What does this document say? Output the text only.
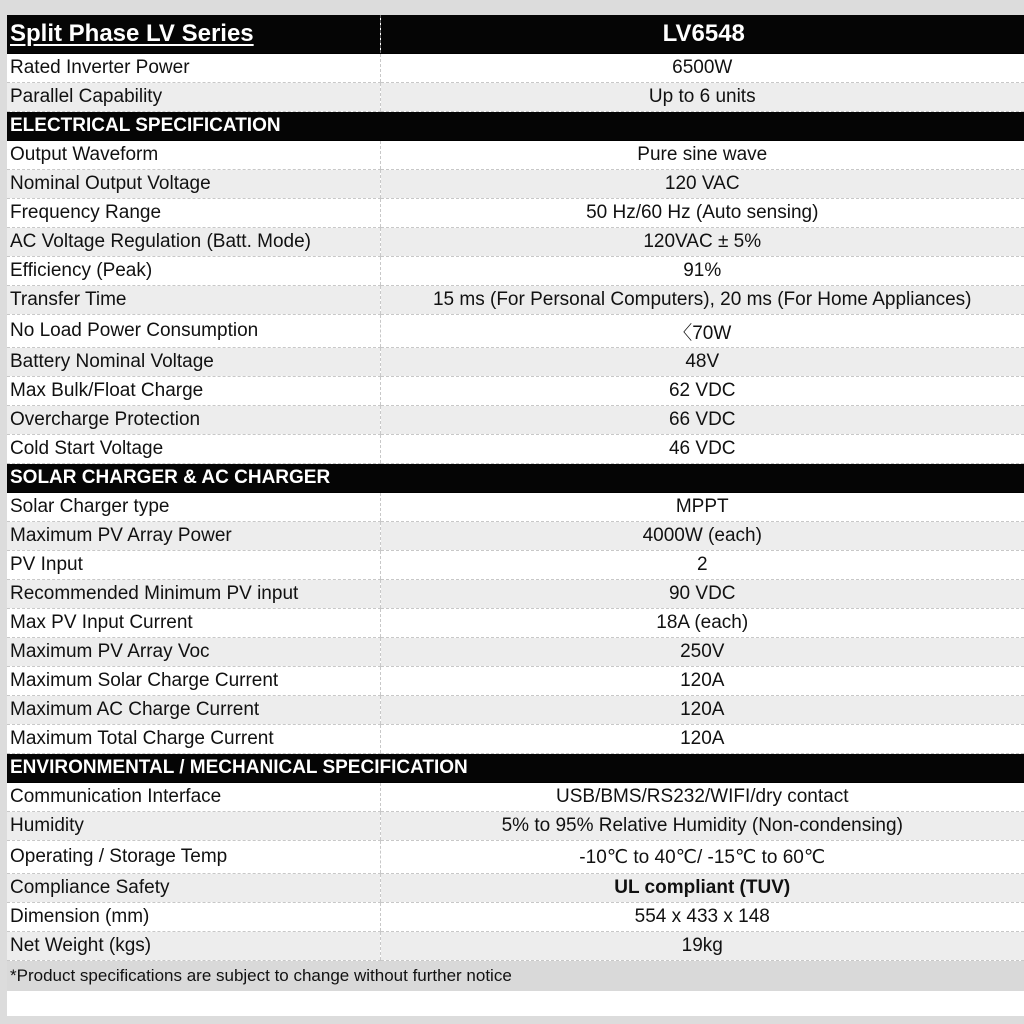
Split Phase LV Series	LV6548
Rated Inverter Power	6500W
Parallel Capability	Up to 6 units
ELECTRICAL SPECIFICATION	
Output Waveform	Pure sine wave
Nominal Output Voltage	120 VAC
Frequency Range	50 Hz/60 Hz (Auto sensing)
AC Voltage Regulation (Batt. Mode)	120VAC ± 5%
Efficiency (Peak)	91%
Transfer Time	15 ms (For Personal Computers), 20 ms (For Home Appliances)
No Load Power Consumption	〈70W
Battery Nominal Voltage	48V
Max Bulk/Float Charge	62 VDC
Overcharge Protection	66 VDC
Cold Start Voltage	46 VDC
SOLAR CHARGER & AC CHARGER	
Solar Charger type	MPPT
Maximum PV Array Power	4000W (each)
PV Input	2
Recommended Minimum PV input	90 VDC
Max PV Input Current	18A (each)
Maximum PV Array Voc	250V
Maximum Solar Charge Current	120A
Maximum AC Charge Current	120A
Maximum Total Charge Current	120A
ENVIRONMENTAL / MECHANICAL SPECIFICATION	
Communication Interface	USB/BMS/RS232/WIFI/dry contact
Humidity	5% to 95% Relative Humidity (Non-condensing)
Operating / Storage Temp	-10℃ to 40℃/ -15℃ to 60℃
Compliance Safety	UL compliant (TUV)
Dimension (mm)	554 x 433 x 148
Net Weight (kgs)	19kg
*Product specifications are subject to change without further notice
